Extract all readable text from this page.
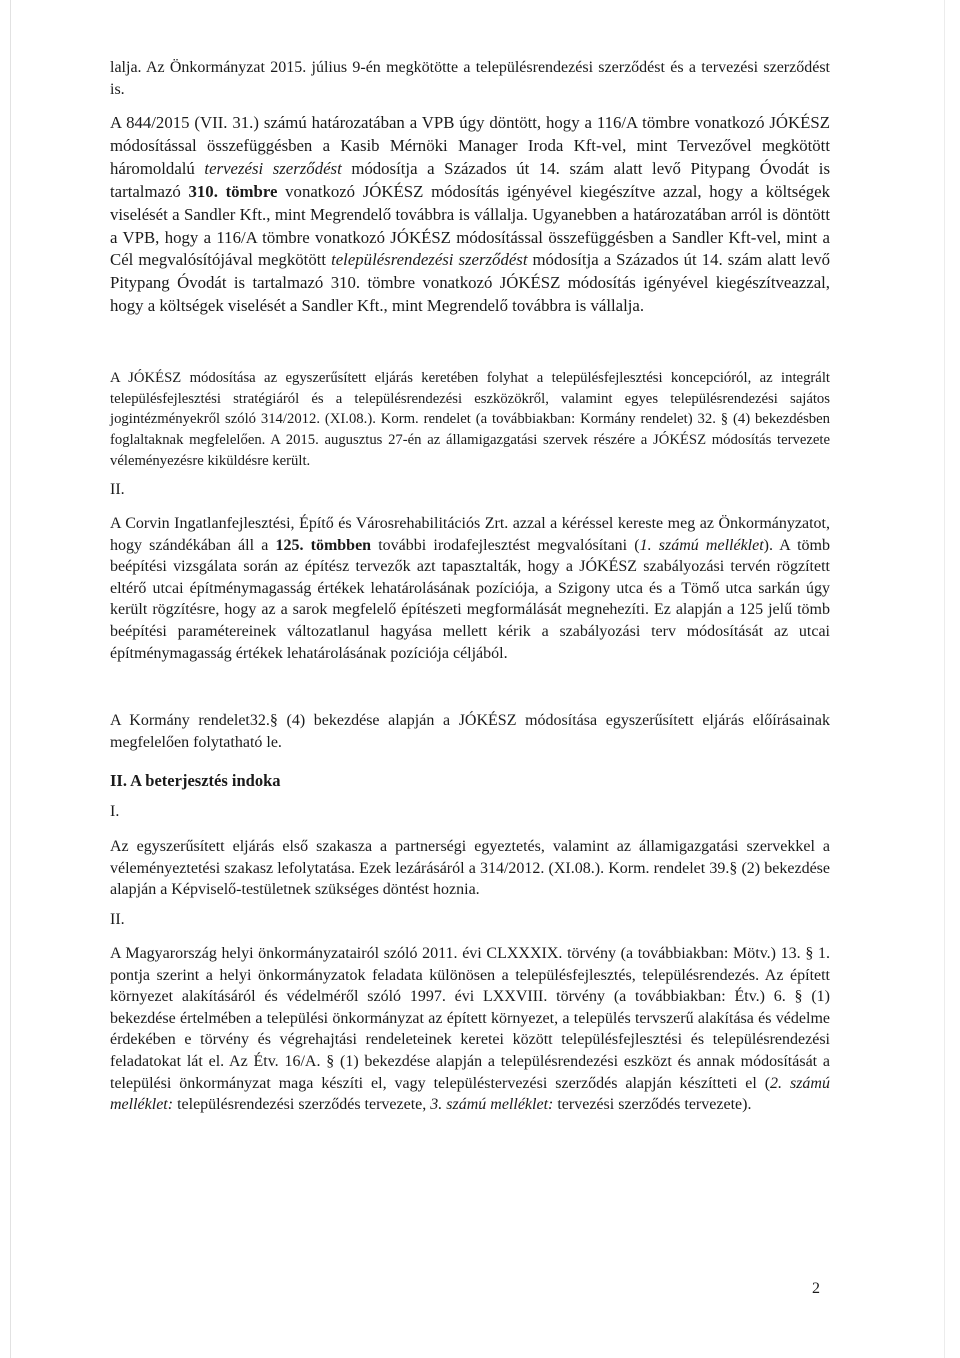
lalja. Az Önkormányzat 2015. július 9-én megkötötte a településrendezési szerződést és a tervezési szerződést is.

A 844/2015 (VII. 31.) számú határozatában a VPB úgy döntött, hogy a 116/A tömbre vonatkozó JÓKÉSZ módosítással összefüggésben a Kasib Mérnöki Manager Iroda Kft-vel, mint Tervezővel megkötött háromoldalú tervezési szerződést módosítja a Százados út 14. szám alatt levő Pitypang Óvodát is tartalmazó 310. tömbre vonatkozó JÓKÉSZ módosítás igényével kiegészítve azzal, hogy a költségek viselését a Sandler Kft., mint Megrendelő továbbra is vállalja. Ugyanebben a határozatában arról is döntött a VPB, hogy a 116/A tömbre vonatkozó JÓKÉSZ módosítással összefüggésben a Sandler Kft-vel, mint a Cél megvalósítójával megkötött településrendezési szerződést módosítja a Százados út 14. szám alatt levő Pitypang Óvodát is tartalmazó 310. tömbre vonatkozó JÓKÉSZ módosítás igényével kiegészítveazzal, hogy a költségek viselését a Sandler Kft., mint Megrendelő továbbra is vállalja.

A JÓKÉSZ módosítása az egyszerűsített eljárás keretében folyhat a településfejlesztési koncepcióról, az integrált településfejlesztési stratégiáról és a településrendezési eszközökről, valamint egyes településrendezési sajátos jogintézményekről szóló 314/2012. (XI.08.). Korm. rendelet (a továbbiakban: Kormány rendelet) 32. § (4) bekezdésben foglaltaknak megfelelően. A 2015. augusztus 27-én az államigazgatási szervek részére a JÓKÉSZ módosítás tervezete véleményezésre kiküldésre került.

II.

A Corvin Ingatlanfejlesztési, Építő és Városrehabilitációs Zrt. azzal a kéréssel kereste meg az Önkormányzatot, hogy szándékában áll a 125. tömbben további irodafejlesztést megvalósítani (1. számú melléklet). A tömb beépítési vizsgálata során az építész tervezők azt tapasztalták, hogy a JÓKÉSZ szabályozási tervén rögzített eltérő utcai építménymagasság értékek lehatárolásának pozíciója, a Szigony utca és a Tömő utca sarkán úgy került rögzítésre, hogy az a sarok megfelelő építészeti megformálását megnehezíti. Ez alapján a 125 jelű tömb beépítési paramétereinek változatlanul hagyása mellett kérik a szabályozási terv módosítását az utcai építménymagasság értékek lehatárolásának pozíciója céljából.

A Kormány rendelet32.§ (4) bekezdése alapján a JÓKÉSZ módosítása egyszerűsített eljárás előírásainak megfelelően folytatható le.

II. A beterjesztés indoka

I.

Az egyszerűsített eljárás első szakasza a partnerségi egyeztetés, valamint az államigazgatási szervekkel a véleményeztetési szakasz lefolytatása. Ezek lezárásáról a 314/2012. (XI.08.). Korm. rendelet 39.§ (2) bekezdése alapján a Képviselő-testületnek szükséges döntést hoznia.

II.

A Magyarország helyi önkormányzatairól szóló 2011. évi CLXXXIX. törvény (a továbbiakban: Mötv.) 13. § 1. pontja szerint a helyi önkormányzatok feladata különösen a településfejlesztés, településrendezés. Az épített környezet alakításáról és védelméről szóló 1997. évi LXXVIII. törvény (a továbbiakban: Étv.) 6. § (1) bekezdése értelmében a települési önkormányzat az épített környezet, a település tervszerű alakítása és védelme érdekében e törvény és végrehajtási rendeleteinek keretei között településfejlesztési és településrendezési feladatokat lát el. Az Étv. 16/A. § (1) bekezdése alapján a településrendezési eszközt és annak módosítását a települési önkormányzat maga készíti el, vagy településtervezési szerződés alapján készítteti el (2. számú melléklet: településrendezési szerződés tervezete, 3. számú melléklet: tervezési szerződés tervezete).

2
